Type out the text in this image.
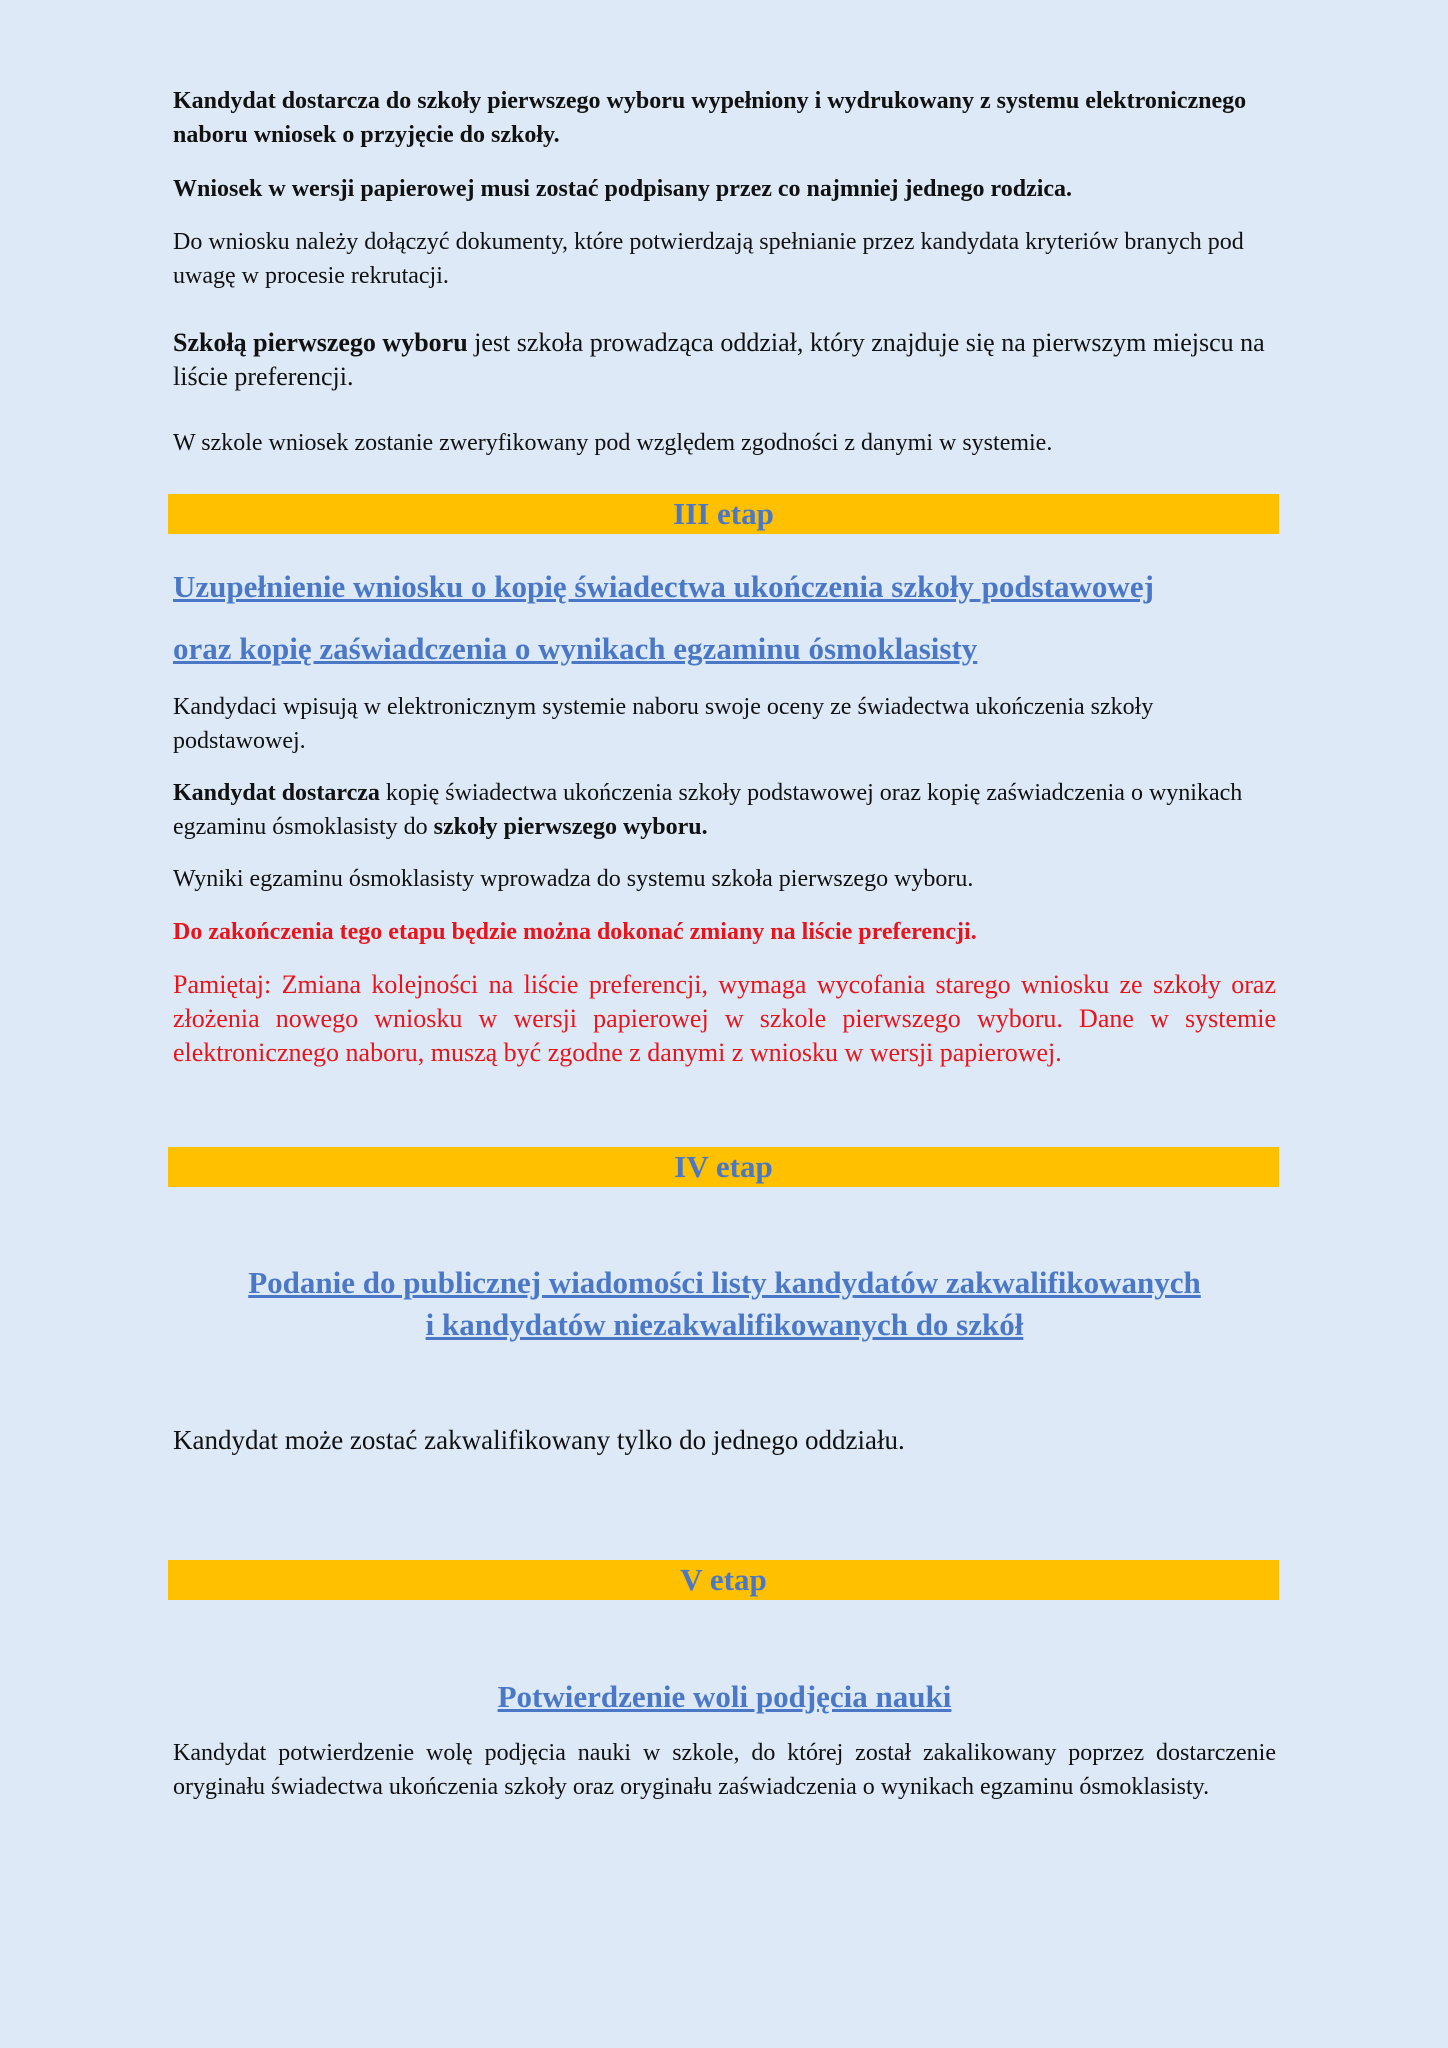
Kandydat dostarcza do szkoły pierwszego wyboru wypełniony i wydrukowany z systemu elektronicznego naboru wniosek o przyjęcie do szkoły.

Wniosek w wersji papierowej musi zostać podpisany przez co najmniej jednego rodzica.

Do wniosku należy dołączyć dokumenty, które potwierdzają spełnianie przez kandydata kryteriów branych pod uwagę w procesie rekrutacji.

Szkołą pierwszego wyboru jest szkoła prowadząca oddział, który znajduje się na pierwszym miejscu na liście preferencji.

W szkole wniosek zostanie zweryfikowany pod względem zgodności z danymi w systemie.

III etap

Uzupełnienie wniosku o kopię świadectwa ukończenia szkoły podstawowej

oraz kopię zaświadczenia o wynikach egzaminu ósmoklasisty

Kandydaci wpisują w elektronicznym systemie naboru swoje oceny ze świadectwa ukończenia szkoły podstawowej.

Kandydat dostarcza kopię świadectwa ukończenia szkoły podstawowej oraz kopię zaświadczenia o wynikach egzaminu ósmoklasisty do szkoły pierwszego wyboru.

Wyniki egzaminu ósmoklasisty wprowadza do systemu szkoła pierwszego wyboru.

Do zakończenia tego etapu będzie można dokonać zmiany na liście preferencji.

Pamiętaj: Zmiana kolejności na liście preferencji, wymaga wycofania starego wniosku ze szkoły oraz złożenia nowego wniosku w wersji papierowej w szkole pierwszego wyboru. Dane w systemie elektronicznego naboru, muszą być zgodne z danymi z wniosku w wersji papierowej.

IV etap

Podanie do publicznej wiadomości listy kandydatów zakwalifikowanych
i kandydatów niezakwalifikowanych do szkół

Kandydat może zostać zakwalifikowany tylko do jednego oddziału.

V etap

Potwierdzenie woli podjęcia nauki

Kandydat potwierdzenie wolę podjęcia nauki w szkole, do której został zakalikowany poprzez dostarczenie oryginału świadectwa ukończenia szkoły oraz oryginału zaświadczenia o wynikach egzaminu ósmoklasisty.
